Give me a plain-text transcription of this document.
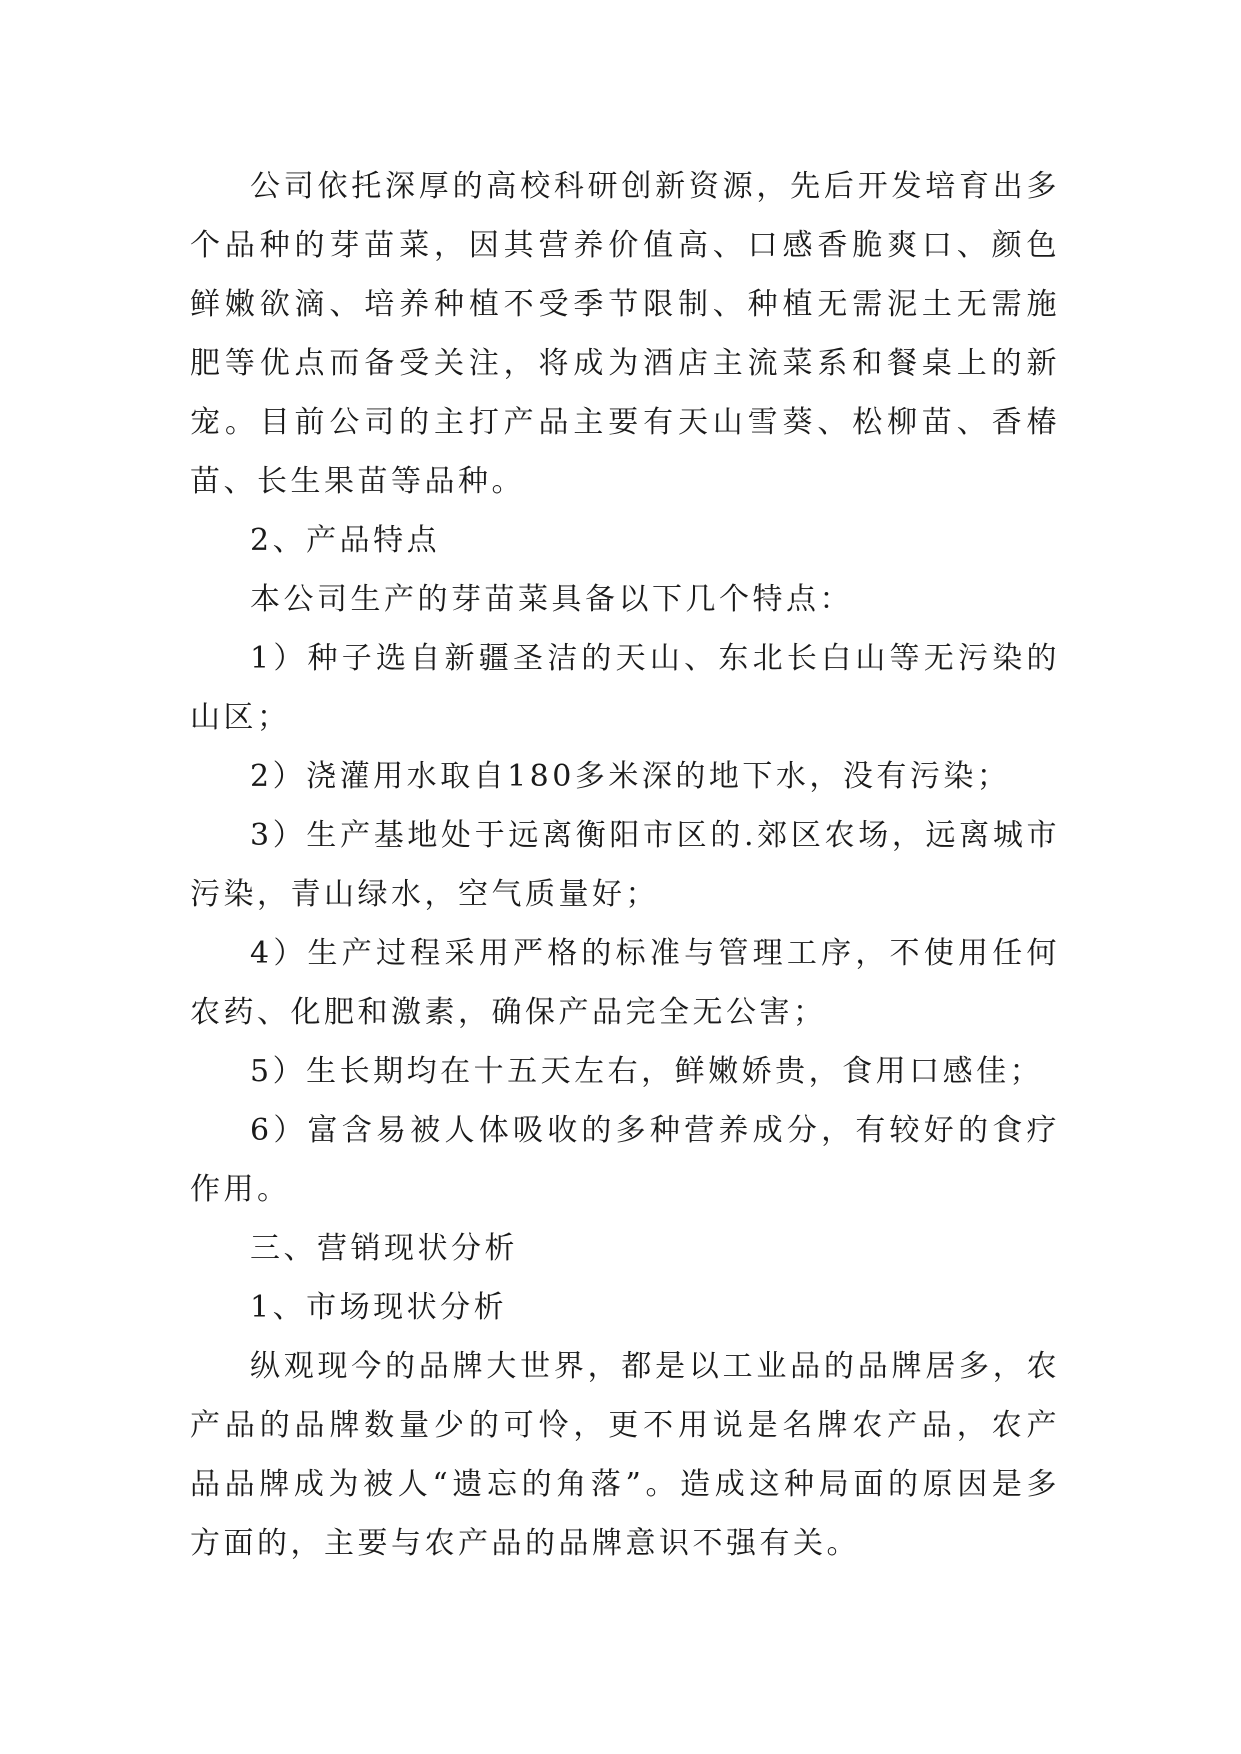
公司依托深厚的高校科研创新资源，先后开发培育出多个品种的芽苗菜，因其营养价值高、口感香脆爽口、颜色鲜嫩欲滴、培养种植不受季节限制、种植无需泥土无需施肥等优点而备受关注，将成为酒店主流菜系和餐桌上的新宠。目前公司的主打产品主要有天山雪葵、松柳苗、香椿苗、长生果苗等品种。

2、产品特点

本公司生产的芽苗菜具备以下几个特点：

1）种子选自新疆圣洁的天山、东北长白山等无污染的山区；

2）浇灌用水取自180多米深的地下水，没有污染；

3）生产基地处于远离衡阳市区的.郊区农场，远离城市污染，青山绿水，空气质量好；

4）生产过程采用严格的标准与管理工序，不使用任何农药、化肥和激素，确保产品完全无公害；

5）生长期均在十五天左右，鲜嫩娇贵，食用口感佳；

6）富含易被人体吸收的多种营养成分，有较好的食疗作用。

三、营销现状分析

1、市场现状分析

纵观现今的品牌大世界，都是以工业品的品牌居多，农产品的品牌数量少的可怜，更不用说是名牌农产品，农产品品牌成为被人“遗忘的角落”。造成这种局面的原因是多方面的，主要与农产品的品牌意识不强有关。
